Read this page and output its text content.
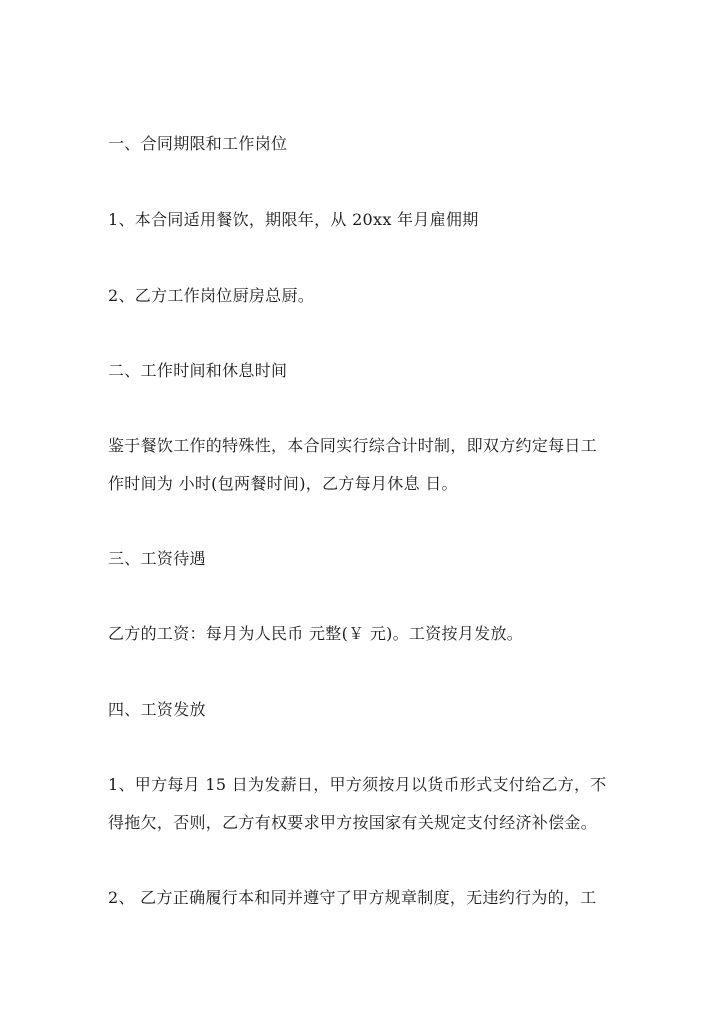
一、合同期限和工作岗位
1、本合同适用餐饮，期限年，从 20xx 年月雇佣期
2、乙方工作岗位厨房总厨。
二、工作时间和休息时间
鉴于餐饮工作的特殊性，本合同实行综合计时制，即双方约定每日工
作时间为 小时(包两餐时间)，乙方每月休息 日。
三、工资待遇
乙方的工资：每月为人民币 元整(￥ 元)。工资按月发放。
四、工资发放
1、甲方每月 15 日为发薪日，甲方须按月以货币形式支付给乙方，不
得拖欠，否则，乙方有权要求甲方按国家有关规定支付经济补偿金。
2、 乙方正确履行本和同并遵守了甲方规章制度，无违约行为的，工
